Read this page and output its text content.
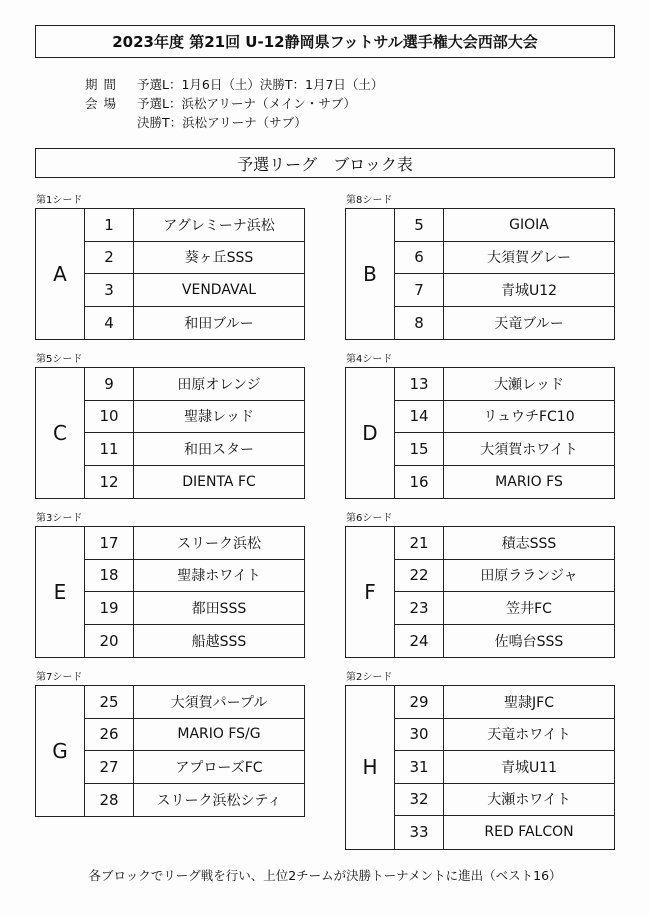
2023年度 第21回 U-12静岡県フットサル選手権大会西部大会
期間	予選L：1月6日（土）決勝T：1月7日（土）
会場	予選L：浜松アリーナ（メイン・サブ）
決勝T：浜松アリーナ（サブ）
予選リーグ　ブロック表
第1シード
A
1	アグレミーナ浜松
2	葵ヶ丘SSS
3	VENDAVAL
4	和田ブルー
第8シード
B
5	GIOIA
6	大須賀グレー
7	青城U12
8	天竜ブルー
第5シード
C
9	田原オレンジ
10	聖隷レッド
11	和田スター
12	DIENTA FC
第4シード
D
13	大瀬レッド
14	リュウチFC10
15	大須賀ホワイト
16	MARIO FS
第3シード
E
17	スリーク浜松
18	聖隷ホワイト
19	都田SSS
20	船越SSS
第6シード
F
21	積志SSS
22	田原ラランジャ
23	笠井FC
24	佐鳴台SSS
第7シード
G
25	大須賀パープル
26	MARIO FS/G
27	アプローズFC
28	スリーク浜松シティ
第2シード
H
29	聖隷JFC
30	天竜ホワイト
31	青城U11
32	大瀬ホワイト
33	RED FALCON
各ブロックでリーグ戦を行い、上位2チームが決勝トーナメントに進出（ベスト16）
